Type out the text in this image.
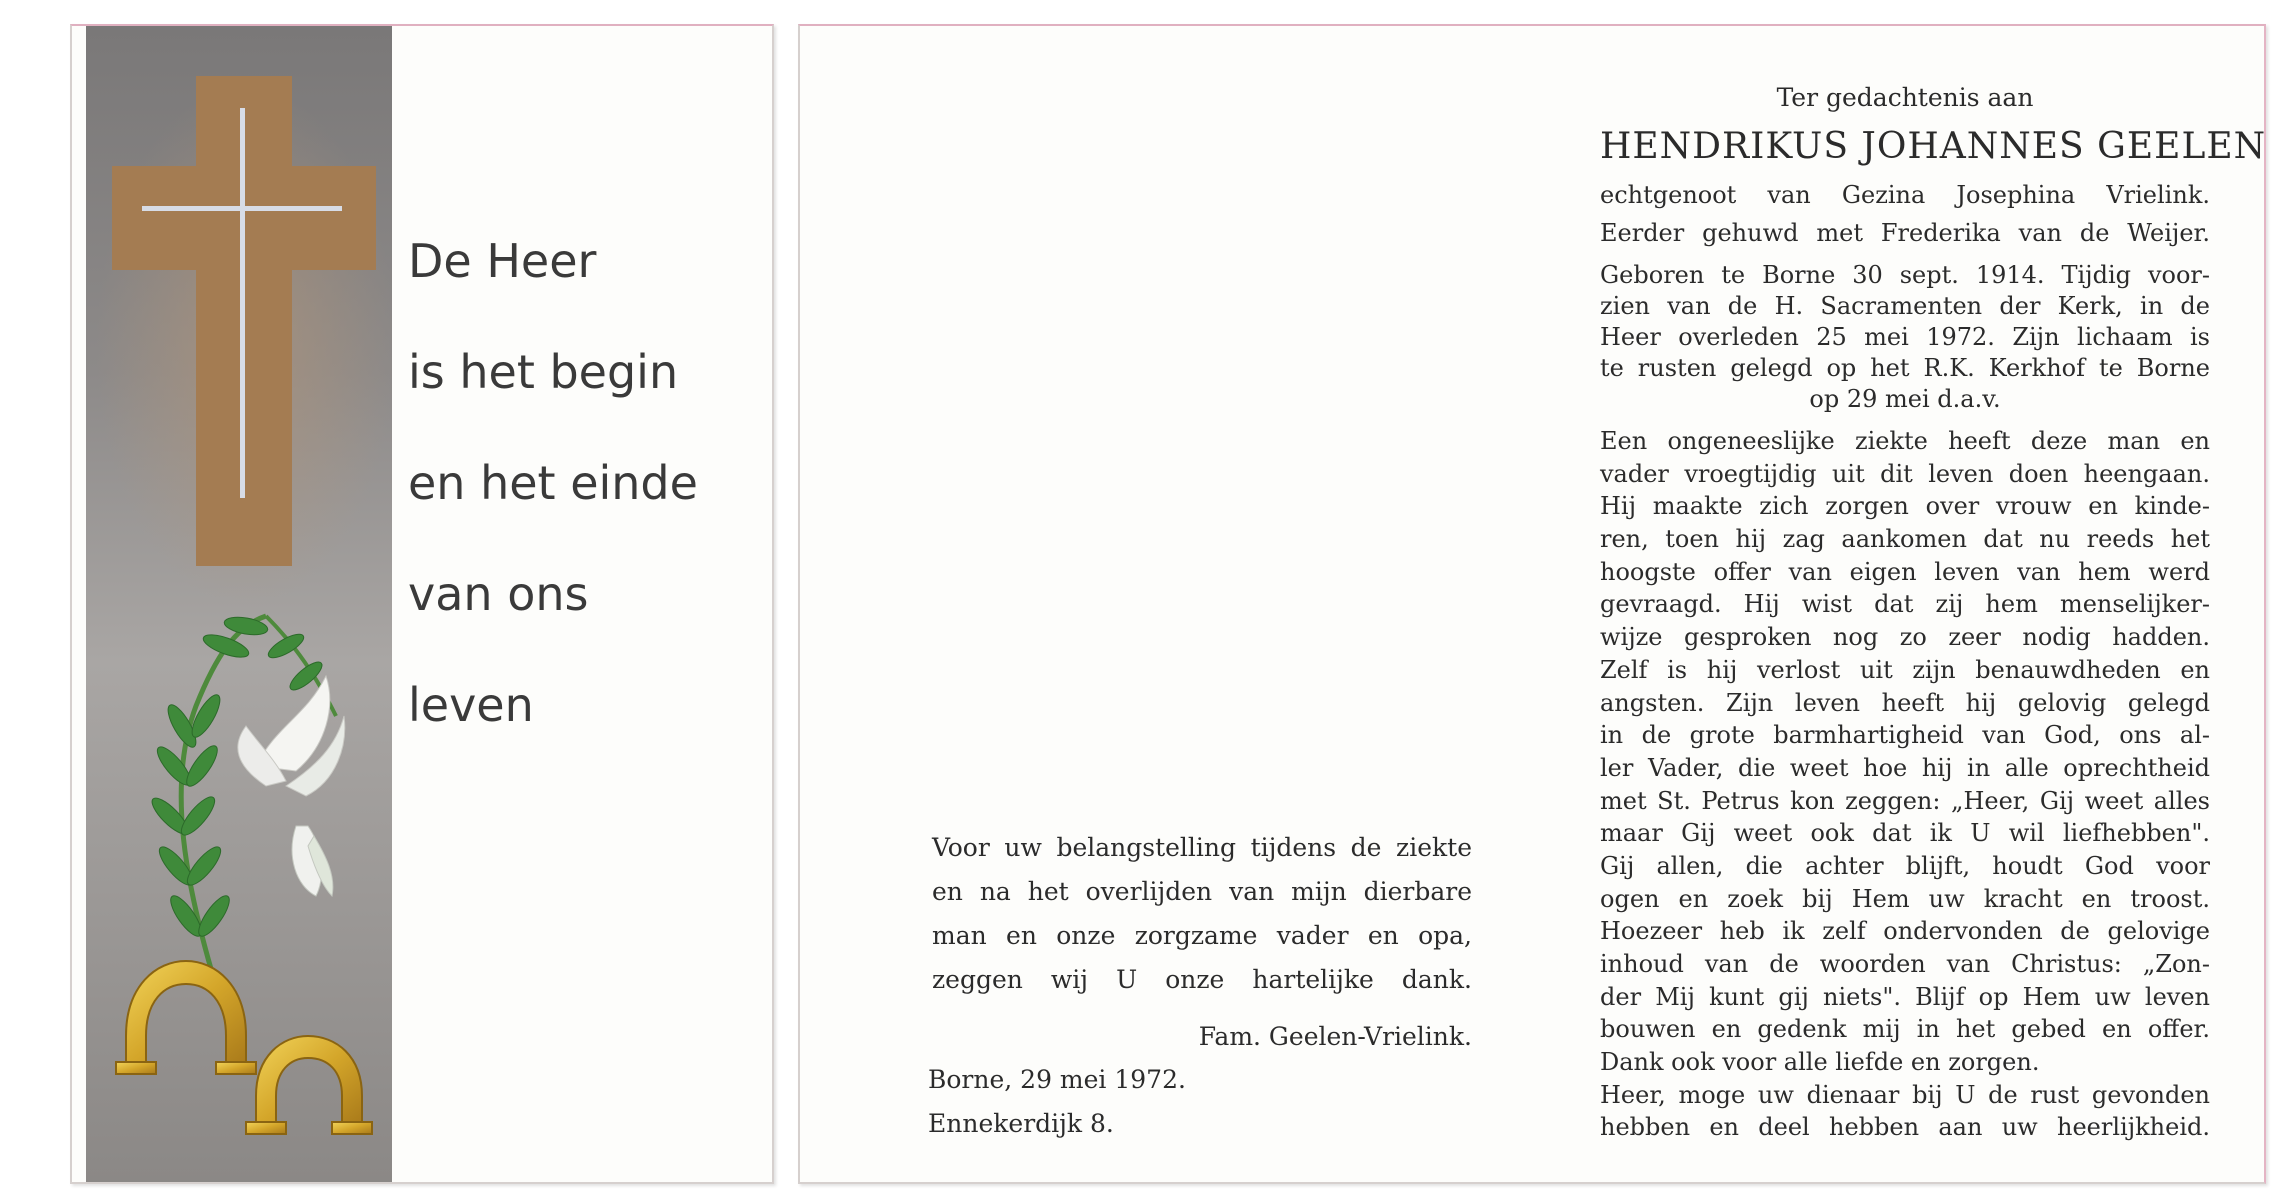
De Heer
is het begin
en het einde
van ons
leven
Voor uw belangstelling tijdens de ziekte
en na het overlijden van mijn dierbare
man en onze zorgzame vader en opa,
zeggen wij U onze hartelijke dank.
Fam. Geelen-Vrielink.
Borne, 29 mei 1972.
Ennekerdijk 8.
Ter gedachtenis aan
HENDRIKUS JOHANNES GEELEN
echtgenoot van Gezina Josephina Vrielink.
Eerder gehuwd met Frederika van de Weijer.
Geboren te Borne 30 sept. 1914. Tijdig voor-
zien van de H. Sacramenten der Kerk, in de
Heer overleden 25 mei 1972. Zijn lichaam is
te rusten gelegd op het R.K. Kerkhof te Borne
op 29 mei d.a.v.
Een ongeneeslijke ziekte heeft deze man en
vader vroegtijdig uit dit leven doen heengaan.
Hij maakte zich zorgen over vrouw en kinde-
ren, toen hij zag aankomen dat nu reeds het
hoogste offer van eigen leven van hem werd
gevraagd. Hij wist dat zij hem menselijker-
wijze gesproken nog zo zeer nodig hadden.
Zelf is hij verlost uit zijn benauwdheden en
angsten. Zijn leven heeft hij gelovig gelegd
in de grote barmhartigheid van God, ons al-
ler Vader, die weet hoe hij in alle oprechtheid
met St. Petrus kon zeggen: „Heer, Gij weet alles
maar Gij weet ook dat ik U wil liefhebben".
Gij allen, die achter blijft, houdt God voor
ogen en zoek bij Hem uw kracht en troost.
Hoezeer heb ik zelf ondervonden de gelovige
inhoud van de woorden van Christus: „Zon-
der Mij kunt gij niets". Blijf op Hem uw leven
bouwen en gedenk mij in het gebed en offer.
Dank ook voor alle liefde en zorgen.
Heer, moge uw dienaar bij U de rust gevonden
hebben en deel hebben aan uw heerlijkheid.
